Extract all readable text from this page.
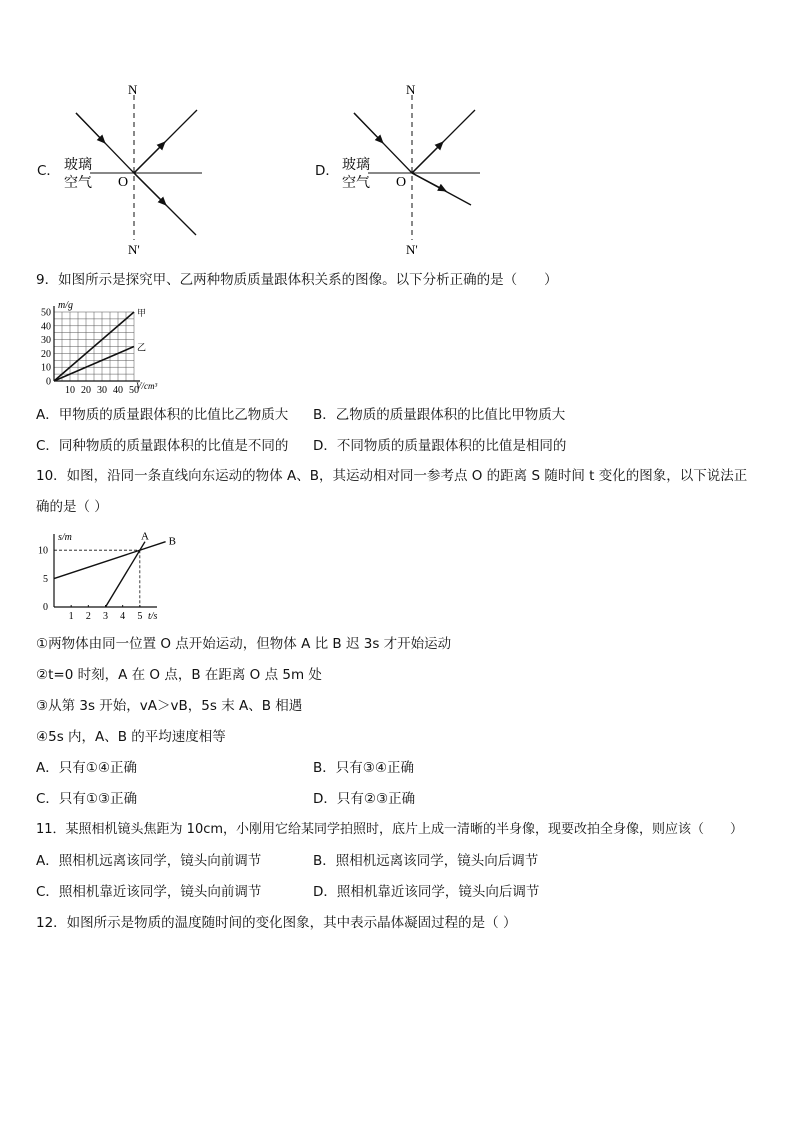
N
N'
O
玻璃
空气
C．
N
N'
O
玻璃
空气
D．
9．如图所示是探究甲、乙两种物质质量跟体积关系的图像。以下分析正确的是（　　）
0
10
20
30
40
50
10 20 30 40 50
m/g
V/cm³
甲
乙
A．甲物质的质量跟体积的比值比乙物质大 B．乙物质的质量跟体积的比值比甲物质大
C．同种物质的质量跟体积的比值是不同的 D．不同物质的质量跟体积的比值是相同的
10．如图，沿同一条直线向东运动的物体 A、B，其运动相对同一参考点 O 的距离 S 随时间 t 变化的图象，以下说法正
确的是（ ）
s/m
t/s
0
5
10
1 2 3 4 5
A B
①两物体由同一位置 O 点开始运动，但物体 A 比 B 迟 3s 才开始运动
②t=0 时刻，A 在 O 点，B 在距离 O 点 5m 处
③从第 3s 开始，vA＞vB，5s 末 A、B 相遇
④5s 内，A、B 的平均速度相等
A．只有①④正确	B．只有③④正确
C．只有①③正确	D．只有②③正确
11．某照相机镜头焦距为 10cm，小刚用它给某同学拍照时，底片上成一清晰的半身像，现要改拍全身像，则应该（　　）
A．照相机远离该同学，镜头向前调节	B．照相机远离该同学，镜头向后调节
C．照相机靠近该同学，镜头向前调节	D．照相机靠近该同学，镜头向后调节
12．如图所示是物质的温度随时间的变化图象，其中表示晶体凝固过程的是（ ）
